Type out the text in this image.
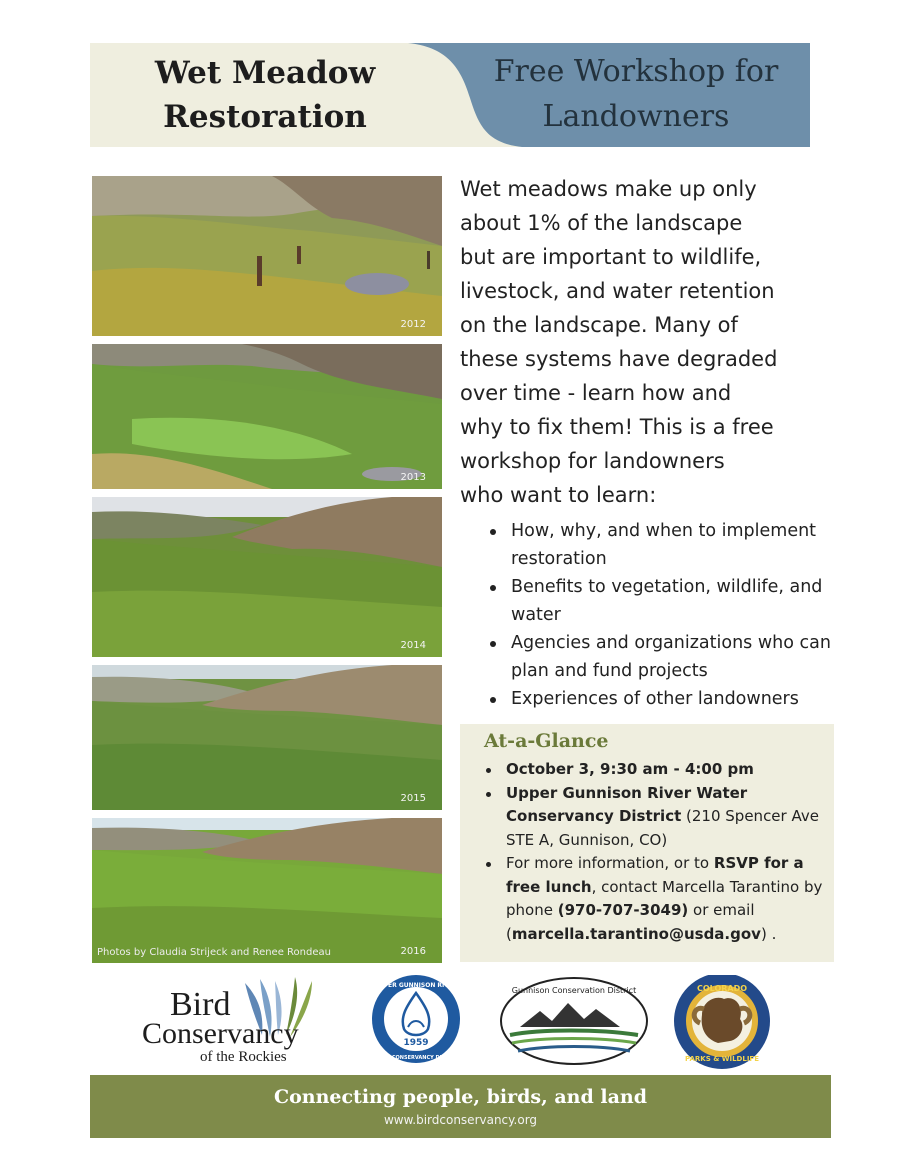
Wet Meadow
Restoration
Free Workshop for
Landowners
2012
2013
2014
2015
Photos by Claudia Strijeck and Renee Rondeau	2016
Wet meadows make up only
about 1% of the landscape
but are important to wildlife,
livestock, and water retention
on the landscape. Many of
these systems have degraded
over time - learn how and
why to fix them! This is a free
workshop for landowners
who want to learn:
How, why, and when to implement restoration
Benefits to vegetation, wildlife, and water
Agencies and organizations who can plan and fund projects
Experiences of other landowners
At-a-Glance
October 3, 9:30 am - 4:00 pm
Upper Gunnison River Water Conservancy District (210 Spencer Ave STE A, Gunnison, CO)
For more information, or to RSVP for a free lunch, contact Marcella Tarantino by phone (970-707-3049) or email (marcella.tarantino@usda.gov) .
Bird
Conservancy
of the Rockies
UPPER GUNNISON RIVER
WATER CONSERVANCY DISTRICT
1959
Gunnison Conservation District	COLORADO
PARKS & WILDLIFE
Connecting people, birds, and land
www.birdconservancy.org
